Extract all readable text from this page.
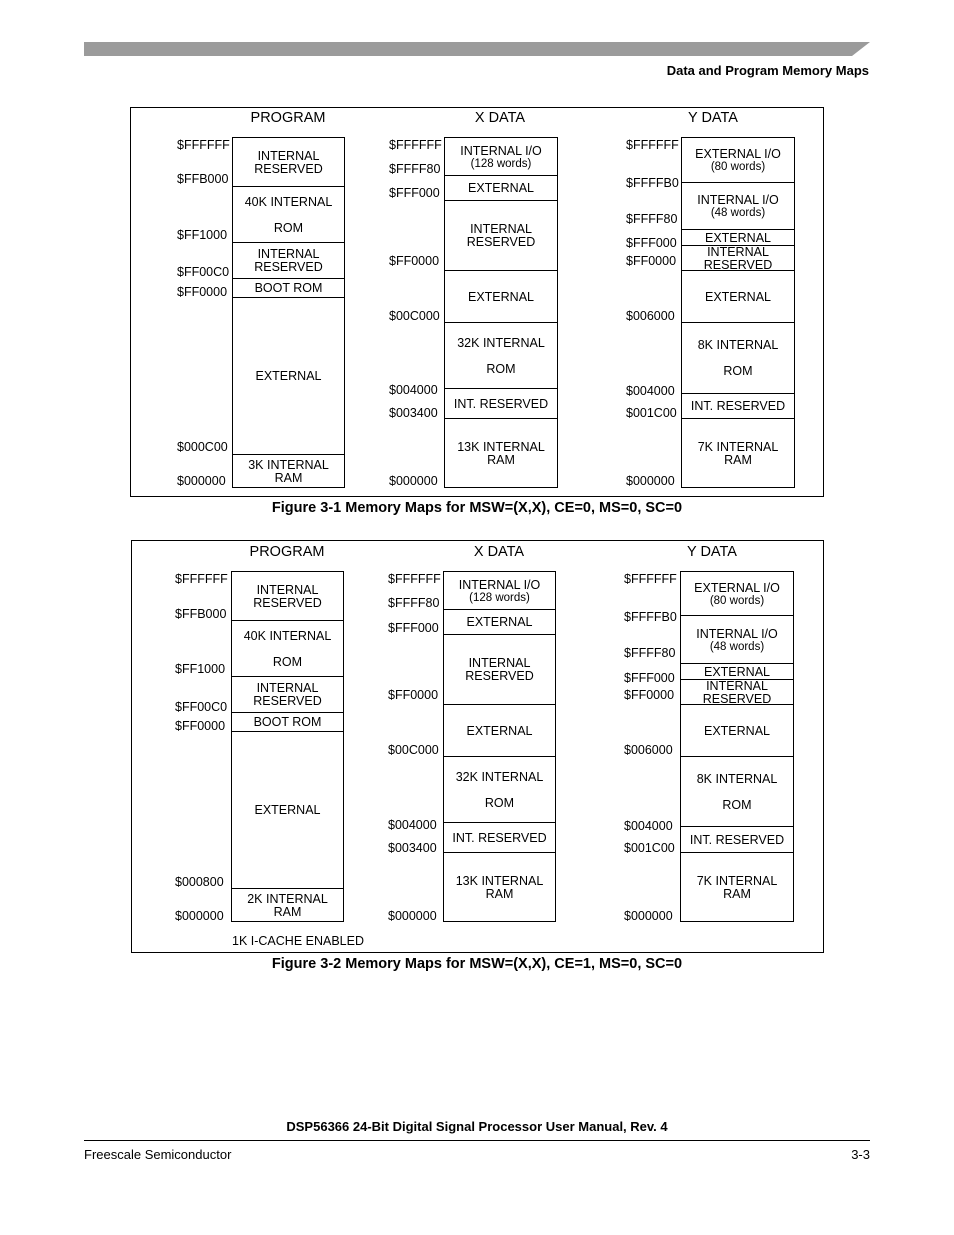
Data and Program Memory Maps
PROGRAM
INTERNAL
RESERVED
40K INTERNAL

ROM
INTERNAL
RESERVED
BOOT ROM
EXTERNAL
3K INTERNAL
RAM
$FFFFFF
$FFB000
$FF1000
$FF00C0
$FF0000
$000C00
$000000
X DATA
INTERNAL I/O
(128 words)
EXTERNAL
INTERNAL
RESERVED
EXTERNAL
32K INTERNAL

ROM
INT. RESERVED
13K INTERNAL
RAM
$FFFFFF
$FFFF80
$FFF000
$FF0000
$00C000
$004000
$003400
$000000
Y DATA
EXTERNAL I/O
(80 words)
INTERNAL I/O
(48 words)
EXTERNAL
INTERNAL
RESERVED
EXTERNAL
8K INTERNAL

ROM
INT. RESERVED
7K INTERNAL
RAM
$FFFFFF
$FFFFB0
$FFFF80
$FFF000
$FF0000
$006000
$004000
$001C00
$000000
Figure 3-1 Memory Maps for MSW=(X,X), CE=0, MS=0, SC=0
PROGRAM
INTERNAL
RESERVED
40K INTERNAL

ROM
INTERNAL
RESERVED
BOOT ROM
EXTERNAL
2K INTERNAL
RAM
$FFFFFF
$FFB000
$FF1000
$FF00C0
$FF0000
$000800
$000000
X DATA
INTERNAL I/O
(128 words)
EXTERNAL
INTERNAL
RESERVED
EXTERNAL
32K INTERNAL

ROM
INT. RESERVED
13K INTERNAL
RAM
$FFFFFF
$FFFF80
$FFF000
$FF0000
$00C000
$004000
$003400
$000000
Y DATA
EXTERNAL I/O
(80 words)
INTERNAL I/O
(48 words)
EXTERNAL
INTERNAL
RESERVED
EXTERNAL
8K INTERNAL

ROM
INT. RESERVED
7K INTERNAL
RAM
$FFFFFF
$FFFFB0
$FFFF80
$FFF000
$FF0000
$006000
$004000
$001C00
$000000
Figure 3-2 Memory Maps for MSW=(X,X), CE=1, MS=0, SC=0
1K I-CACHE ENABLED
DSP56366 24-Bit Digital Signal Processor User Manual, Rev. 4
Freescale Semiconductor	3-3
